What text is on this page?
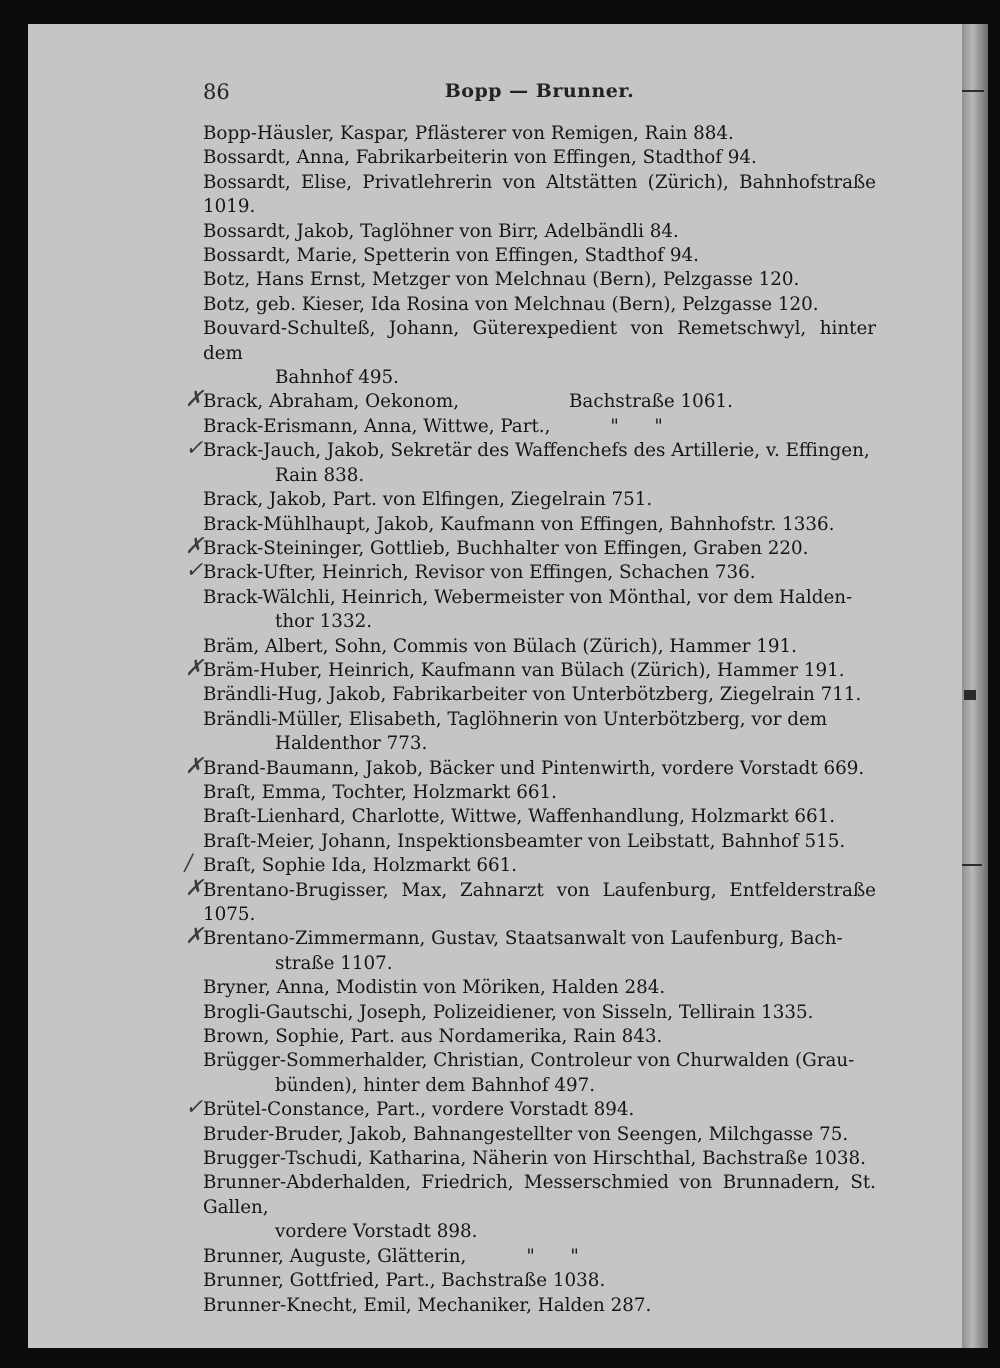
86	Bopp — Brunner.
Bopp-Häusler, Kaspar, Pflästerer von Remigen, Rain 884.
Bossardt, Anna, Fabrikarbeiterin von Effingen, Stadthof 94.
Bossardt, Elise, Privatlehrerin von Altstätten (Zürich), Bahnhofstraße 1019.
Bossardt, Jakob, Taglöhner von Birr, Adelbändli 84.
Bossardt, Marie, Spetterin von Effingen, Stadthof 94.
Botz, Hans Ernst, Metzger von Melchnau (Bern), Pelzgasse 120.
Botz, geb. Kieser, Ida Rosina von Melchnau (Bern), Pelzgasse 120.
Bouvard-Schulteß, Johann, Güterexpedient von Remetschwyl, hinter dem
Bahnhof 495.
✗ Brack, Abraham, Oekonom,	Bachstraße 1061.
Brack-Erismann, Anna, Wittwe, Part.,	" "
✓ Brack-Jauch, Jakob, Sekretär des Waffenchefs des Artillerie, v. Effingen,
Rain 838.
Brack, Jakob, Part. von Elfingen, Ziegelrain 751.
Brack-Mühlhaupt, Jakob, Kaufmann von Effingen, Bahnhofstr. 1336.
✗ Brack-Steininger, Gottlieb, Buchhalter von Effingen, Graben 220.
✓ Brack-Ufter, Heinrich, Revisor von Effingen, Schachen 736.
Brack-Wälchli, Heinrich, Webermeister von Mönthal, vor dem Halden-
thor 1332.
Bräm, Albert, Sohn, Commis von Bülach (Zürich), Hammer 191.
✗ Bräm-Huber, Heinrich, Kaufmann van Bülach (Zürich), Hammer 191.
Brändli-Hug, Jakob, Fabrikarbeiter von Unterbötzberg, Ziegelrain 711.
Brändli-Müller, Elisabeth, Taglöhnerin von Unterbötzberg, vor dem
Haldenthor 773.
✗ Brand-Baumann, Jakob, Bäcker und Pintenwirth, vordere Vorstadt 669.
Braſt, Emma, Tochter, Holzmarkt 661.
Braſt-Lienhard, Charlotte, Wittwe, Waffenhandlung, Holzmarkt 661.
Braſt-Meier, Johann, Inspektionsbeamter von Leibstatt, Bahnhof 515.
/ Braſt, Sophie Ida, Holzmarkt 661.
✗ Brentano-Brugisser, Max, Zahnarzt von Laufenburg, Entfelderstraße 1075.
✗ Brentano-Zimmermann, Gustav, Staatsanwalt von Laufenburg, Bach-
straße 1107.
Bryner, Anna, Modistin von Möriken, Halden 284.
Brogli-Gautschi, Joseph, Polizeidiener, von Sisseln, Tellirain 1335.
Brown, Sophie, Part. aus Nordamerika, Rain 843.
Brügger-Sommerhalder, Christian, Controleur von Churwalden (Grau-
bünden), hinter dem Bahnhof 497.
✓ Brütel-Constance, Part., vordere Vorstadt 894.
Bruder-Bruder, Jakob, Bahnangestellter von Seengen, Milchgasse 75.
Brugger-Tschudi, Katharina, Näherin von Hirschthal, Bachstraße 1038.
Brunner-Abderhalden, Friedrich, Messerschmied von Brunnadern, St. Gallen,
vordere Vorstadt 898.
Brunner, Auguste, Glätterin,	" "
Brunner, Gottfried, Part., Bachstraße 1038.
Brunner-Knecht, Emil, Mechaniker, Halden 287.
